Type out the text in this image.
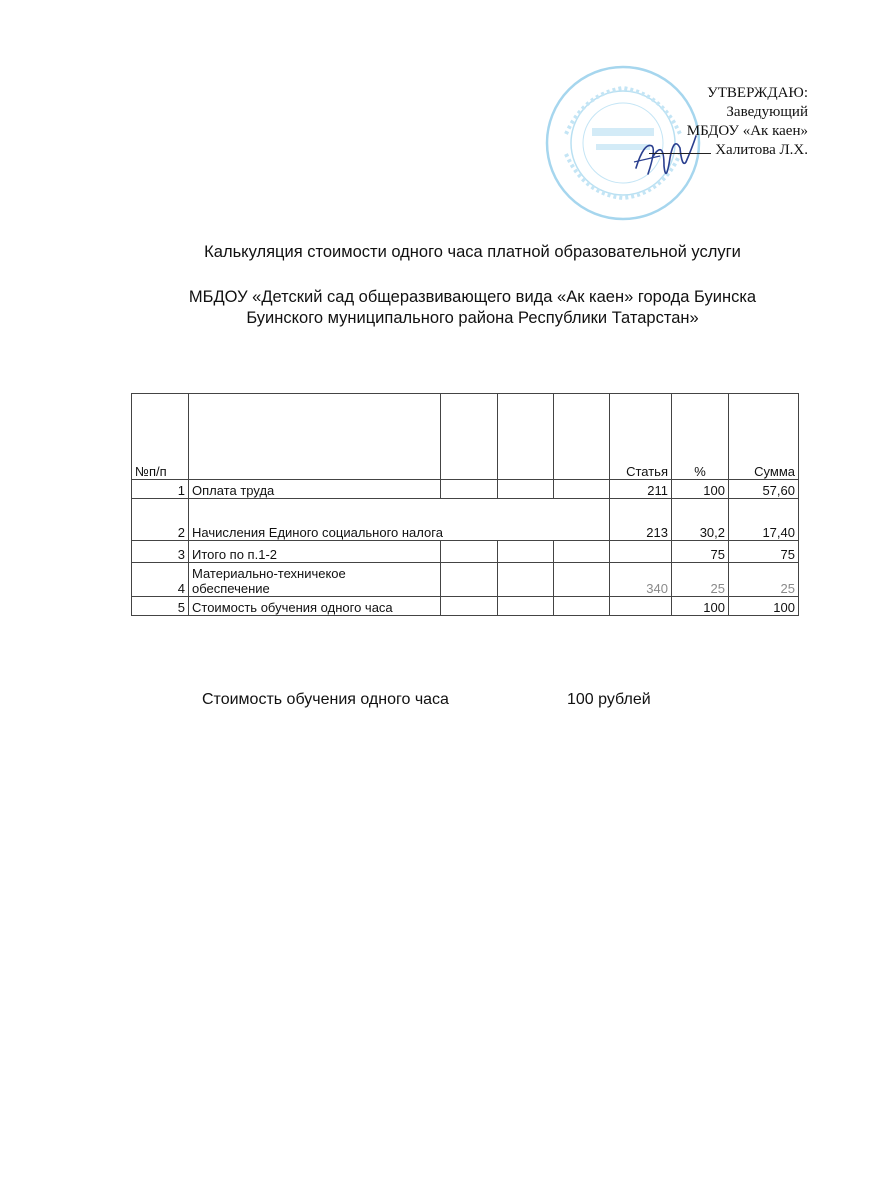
УТВЕРЖДАЮ:
Заведующий
МБДОУ «Ак каен»
Халитова Л.Х.
Калькуляция стоимости одного часа платной образовательной услуги
МБДОУ «Детский сад общеразвивающего вида «Ак каен» города Буинска
Буинского муниципального района Республики Татарстан»
№п/п					Статья	%	Сумма
1	Оплата труда				211	100	57,60
2	Начисления Единого социального налога				213	30,2	17,40
3	Итого по п.1-2					75	75
4	Материально-техничекое
обеспечение				340	25	25
5	Стоимость обучения одного часа					100	100
Стоимость обучения одного часа	100 рублей
